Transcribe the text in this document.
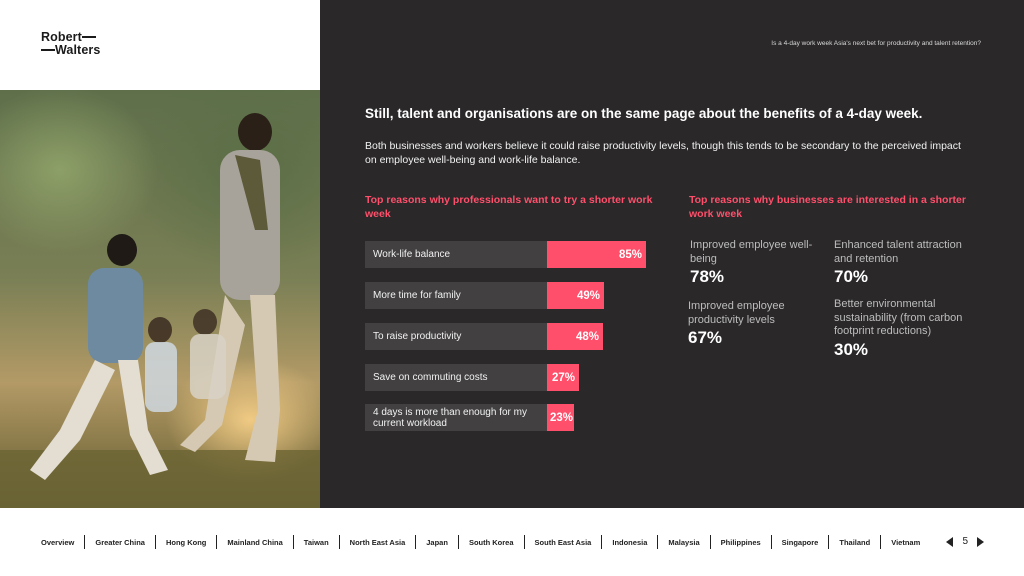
Robert
Walters	Is a 4-day work week Asia's next bet for productivity and talent retention?
Still, talent and organisations are on the same page about the benefits of a 4-day week.
Both businesses and workers believe it could raise productivity levels, though this tends to be secondary to the perceived impact on employee well-being and work-life balance.
Top reasons why professionals want to try a shorter work week
Top reasons why businesses are interested in a shorter work week
Work-life balance	85%
More time for family	49%
To raise productivity	48%
Save on commuting costs	27%
4 days is more than enough for my current workload	23%
Improved employee well-being
78%
Enhanced talent attraction and retention
70%
Improved employee productivity levels
67%
Better environmental sustainability (from carbon footprint reductions)
30%
Overview	Greater China	Hong Kong	Mainland China	Taiwan	North East Asia	Japan	South Korea	South East Asia	Indonesia	Malaysia	Philippines	Singapore	Thailand	Vietnam	5
